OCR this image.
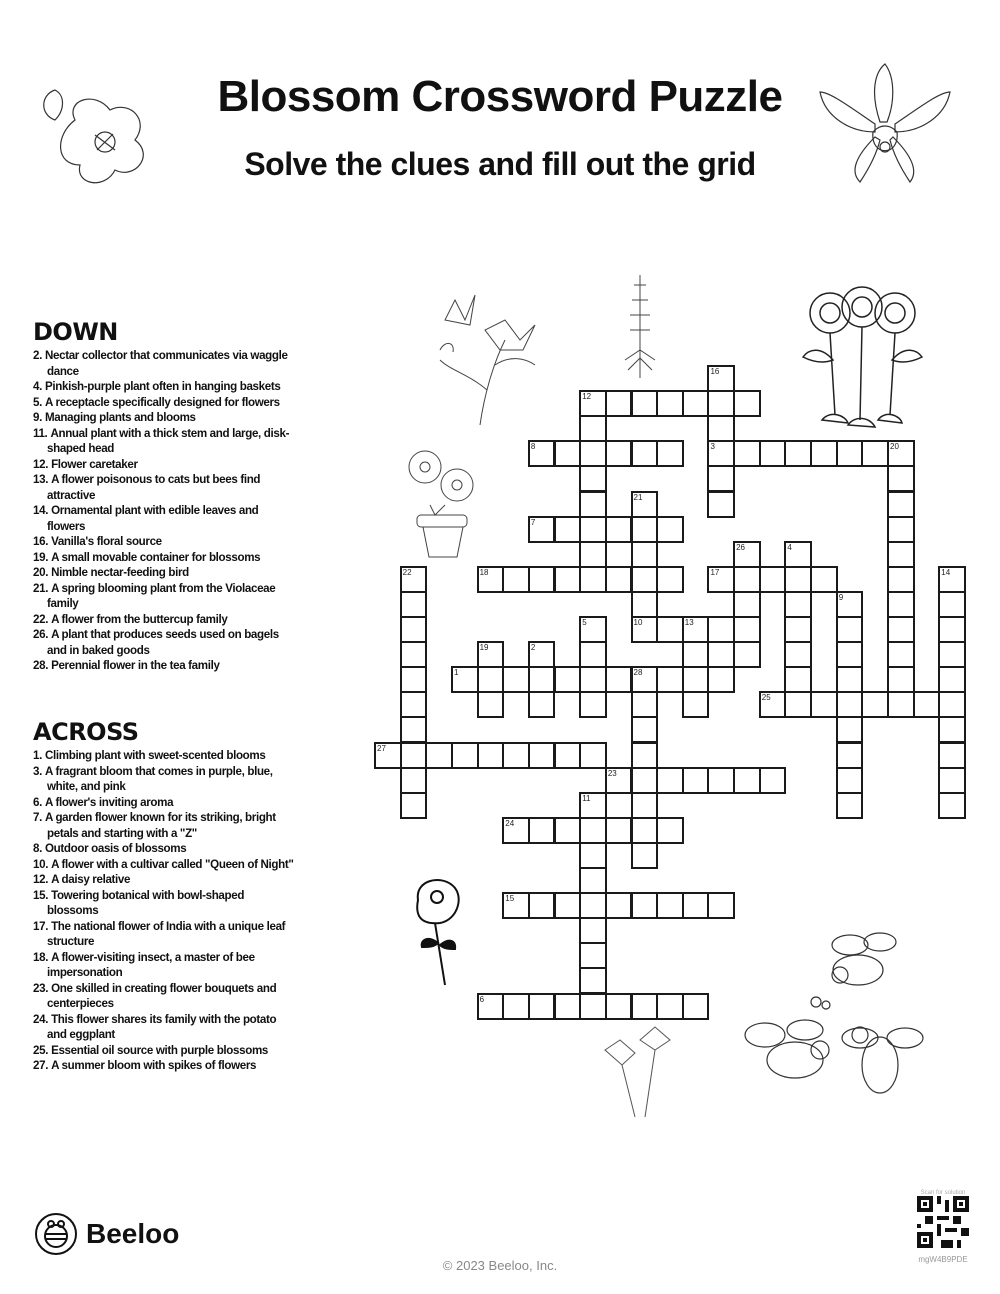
Blossom Crossword Puzzle
Solve the clues and fill out the grid
DOWN
2. Nectar collector that communicates via waggle dance
4. Pinkish-purple plant often in hanging baskets
5. A receptacle specifically designed for flowers
9. Managing plants and blooms
11. Annual plant with a thick stem and large, disk-shaped head
12. Flower caretaker
13. A flower poisonous to cats but bees find attractive
14. Ornamental plant with edible leaves and flowers
16. Vanilla's floral source
19. A small movable container for blossoms
20. Nimble nectar-feeding bird
21. A spring blooming plant from the Violaceae family
22. A flower from the buttercup family
26. A plant that produces seeds used on bagels and in baked goods
28. Perennial flower in the tea family
ACROSS
1. Climbing plant with sweet-scented blooms
3. A fragrant bloom that comes in purple, blue, white, and pink
6. A flower's inviting aroma
7. A garden flower known for its striking, bright petals and starting with a "Z"
8. Outdoor oasis of blossoms
10. A flower with a cultivar called "Queen of Night"
12. A daisy relative
15. Towering botanical with bowl-shaped blossoms
17. The national flower of India with a unique leaf structure
18. A flower-visiting insect, a master of bee impersonation
23. One skilled in creating flower bouquets and centerpieces
24. This flower shares its family with the potato and eggplant
25. Essential oil source with purple blossoms
27. A summer bloom with spikes of flowers
1	28
3	20
6
7
8
10	13
12
15
17
18
23
24
25
27
2
4
5
9
11
14
16
19
21
22
26
Beeloo
© 2023 Beeloo, Inc.
Scan for solution
mgW4B9PDE
